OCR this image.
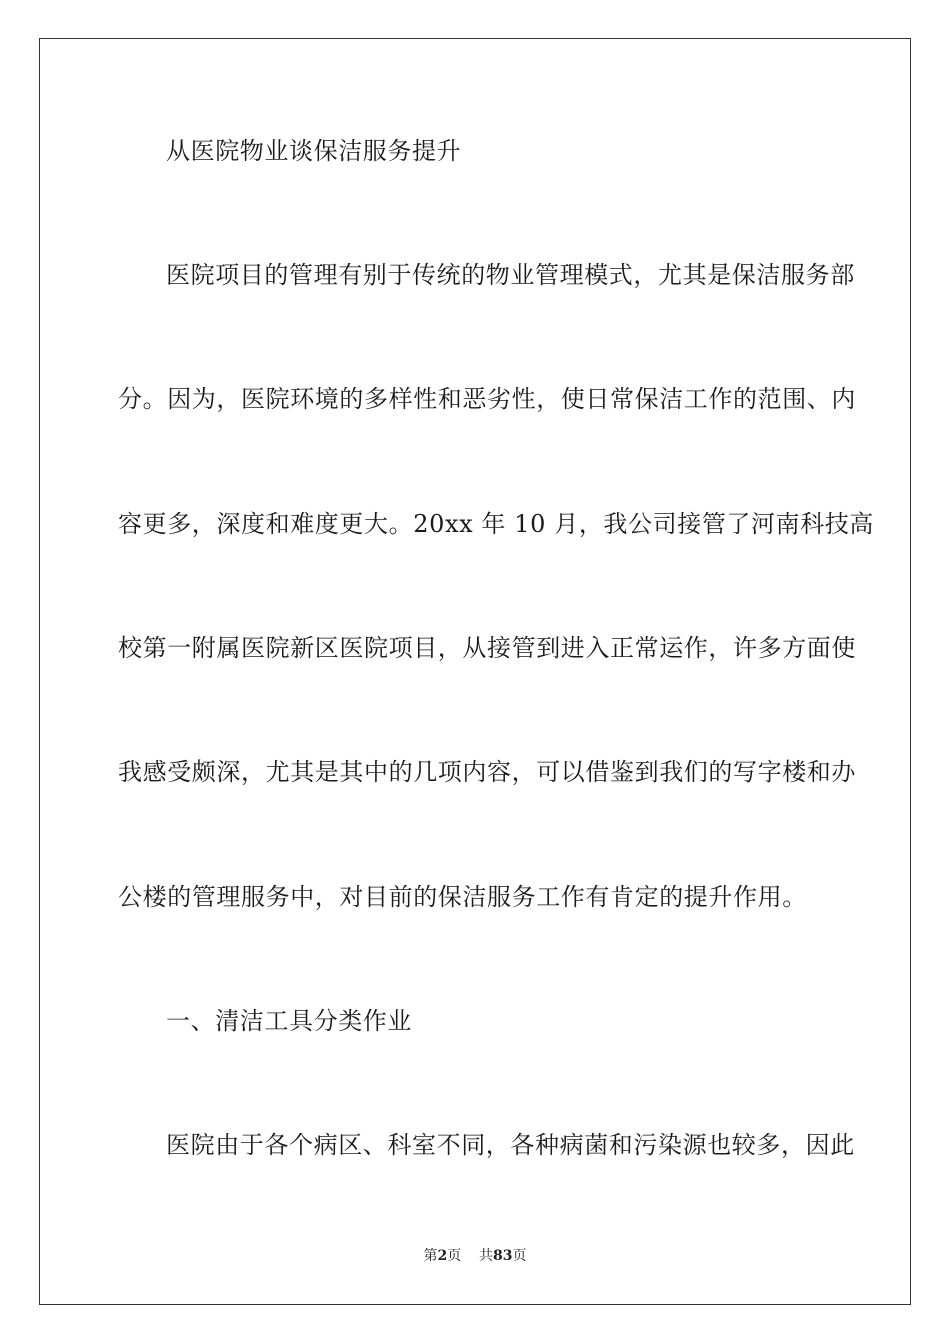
从医院物业谈保洁服务提升
医院项目的管理有别于传统的物业管理模式，尤其是保洁服务部
分。因为，医院环境的多样性和恶劣性，使日常保洁工作的范围、内
容更多，深度和难度更大。20xx 年 10 月，我公司接管了河南科技高
校第一附属医院新区医院项目，从接管到进入正常运作，许多方面使
我感受颇深，尤其是其中的几项内容，可以借鉴到我们的写字楼和办
公楼的管理服务中，对目前的保洁服务工作有肯定的提升作用。
一、清洁工具分类作业
医院由于各个病区、科室不同，各种病菌和污染源也较多，因此
第2页 共83页
